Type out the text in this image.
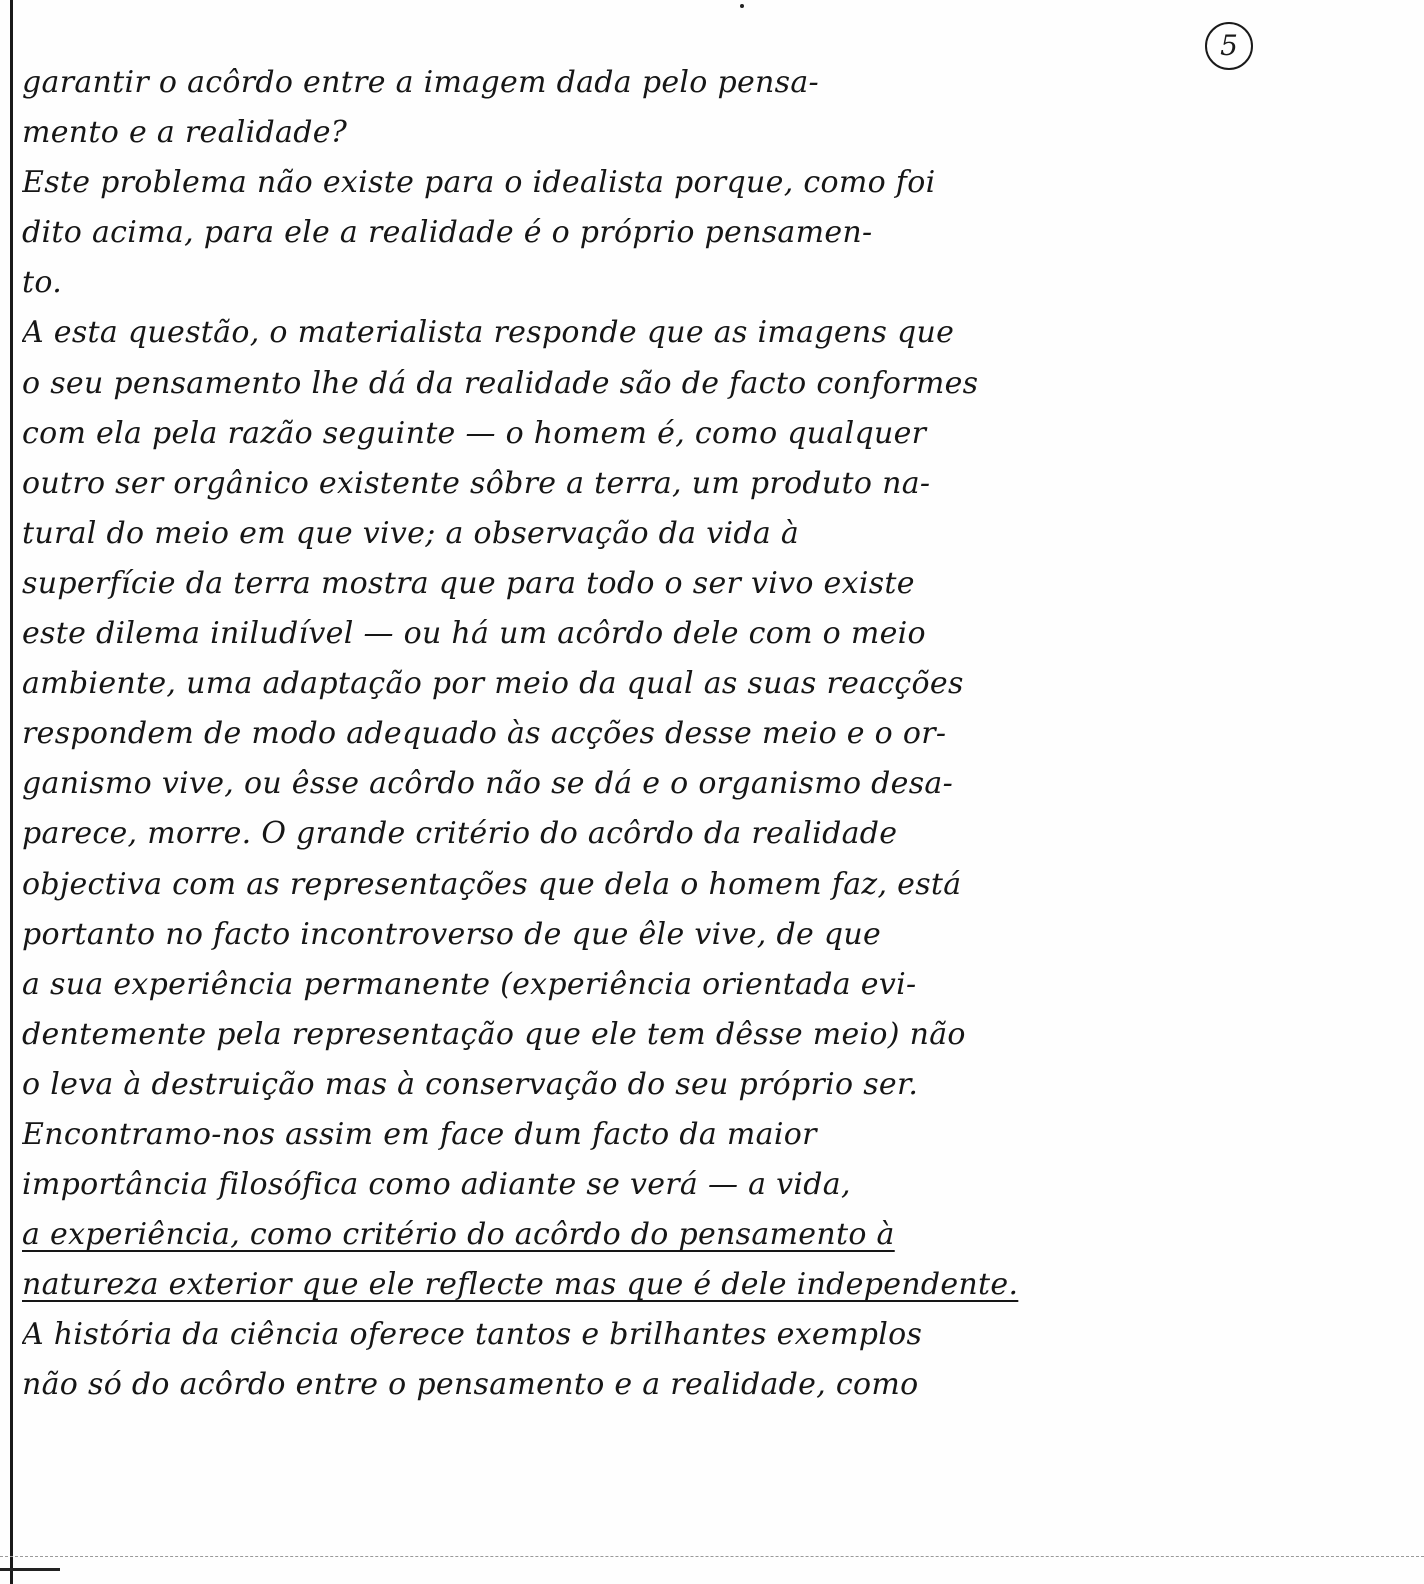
5
garantir o acôrdo entre a imagem dada pelo pensa-
mento e a realidade?
Este problema não existe para o idealista porque, como foi
dito acima, para ele a realidade é o próprio pensamen-
to.
A esta questão, o materialista responde que as imagens que
o seu pensamento lhe dá da realidade são de facto conformes
com ela pela razão seguinte — o homem é, como qualquer
outro ser orgânico existente sôbre a terra, um produto na-
tural do meio em que vive; a observação da vida à
superfície da terra mostra que para todo o ser vivo existe
este dilema iniludível — ou há um acôrdo dele com o meio
ambiente, uma adaptação por meio da qual as suas reacções
respondem de modo adequado às acções desse meio e o or-
ganismo vive, ou êsse acôrdo não se dá e o organismo desa-
parece, morre. O grande critério do acôrdo da realidade
objectiva com as representações que dela o homem faz, está
portanto no facto incontroverso de que êle vive, de que
a sua experiência permanente (experiência orientada evi-
dentemente pela representação que ele tem dêsse meio) não
o leva à destruição mas à conservação do seu próprio ser.
Encontramo-nos assim em face dum facto da maior
importância filosófica como adiante se verá — a vida,
a experiência, como critério do acôrdo do pensamento à
natureza exterior que ele reflecte mas que é dele independente.
A história da ciência oferece tantos e brilhantes exemplos
não só do acôrdo entre o pensamento e a realidade, como
